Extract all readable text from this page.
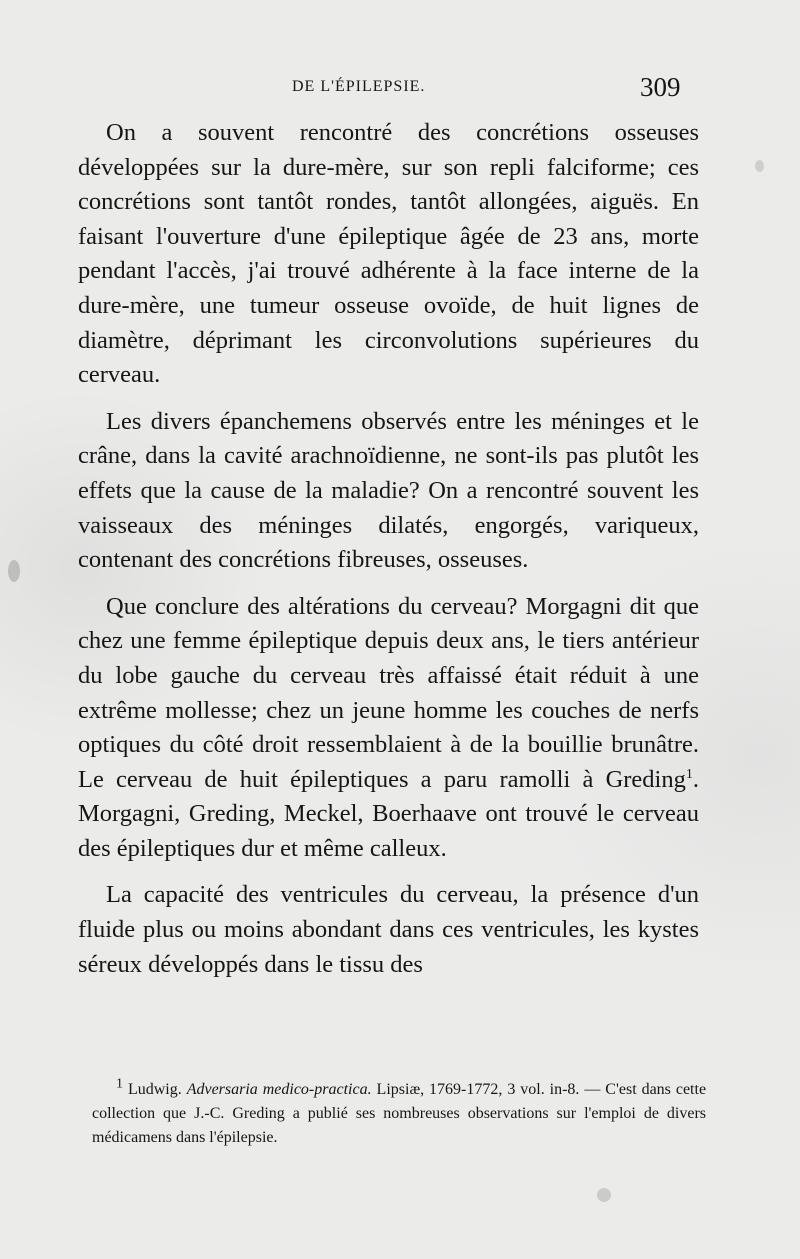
DE L'ÉPILEPSIE.	309

On a souvent rencontré des concrétions osseuses développées sur la dure-mère, sur son repli falciforme; ces concrétions sont tantôt rondes, tantôt allongées, aiguës. En faisant l'ouverture d'une épileptique âgée de 23 ans, morte pendant l'accès, j'ai trouvé adhérente à la face interne de la dure-mère, une tumeur osseuse ovoïde, de huit lignes de diamètre, déprimant les circonvolutions supérieures du cerveau.

Les divers épanchemens observés entre les méninges et le crâne, dans la cavité arachnoïdienne, ne sont-ils pas plutôt les effets que la cause de la maladie? On a rencontré souvent les vaisseaux des méninges dilatés, engorgés, variqueux, contenant des concrétions fibreuses, osseuses.

Que conclure des altérations du cerveau? Morgagni dit que chez une femme épileptique depuis deux ans, le tiers antérieur du lobe gauche du cerveau très affaissé était réduit à une extrême mollesse; chez un jeune homme les couches de nerfs optiques du côté droit ressemblaient à de la bouillie brunâtre. Le cerveau de huit épileptiques a paru ramolli à Greding$^1$. Morgagni, Greding, Meckel, Boerhaave ont trouvé le cerveau des épileptiques dur et même calleux.

La capacité des ventricules du cerveau, la présence d'un fluide plus ou moins abondant dans ces ventricules, les kystes séreux développés dans le tissu des

$^1$ Ludwig. Adversaria medico-practica. Lipsiæ, 1769-1772, 3 vol. in-8. — C'est dans cette collection que J.-C. Greding a publié ses nombreuses observations sur l'emploi de divers médicamens dans l'épilepsie.
